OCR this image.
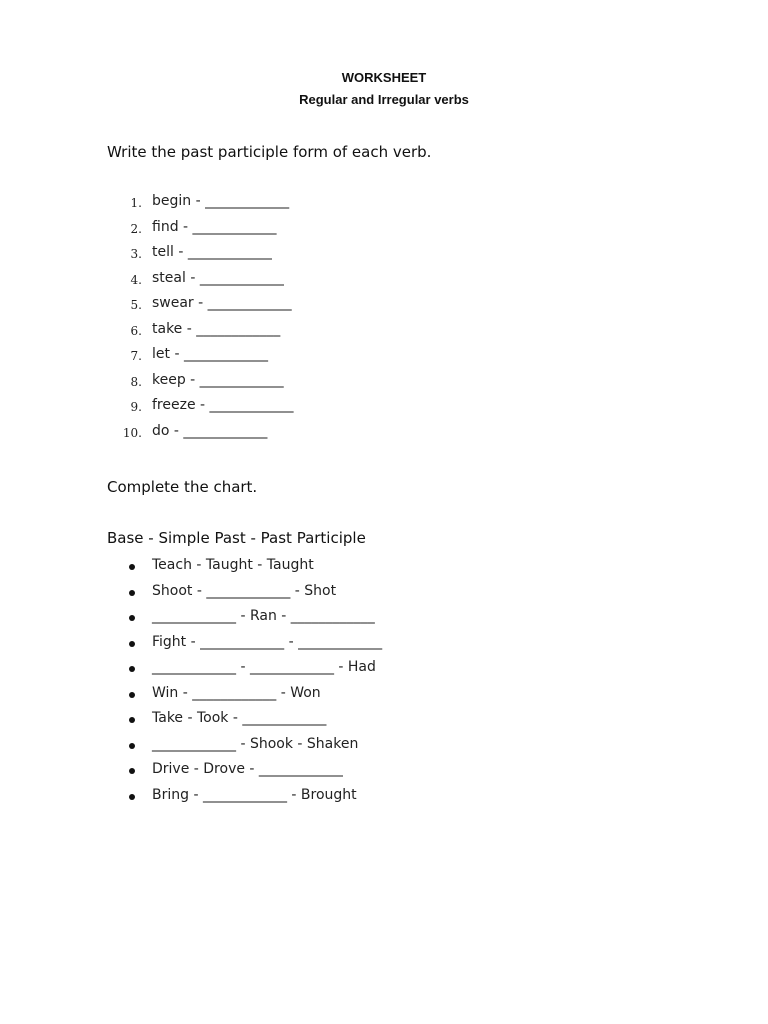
WORKSHEET
Regular and Irregular verbs
Write the past participle form of each verb.
1. begin - ____________
2. find - ____________
3. tell - ____________
4. steal - ____________
5. swear - ____________
6. take - ____________
7. let - ____________
8. keep - ____________
9. freeze - ____________
10. do - ____________
Complete the chart.
Base - Simple Past - Past Participle
Teach - Taught - Taught
Shoot - ____________ - Shot
____________ - Ran - ____________
Fight - ____________ - ____________
____________ - ____________ - Had
Win - ____________ - Won
Take - Took - ____________
____________ - Shook - Shaken
Drive - Drove - ____________
Bring - ____________ - Brought
